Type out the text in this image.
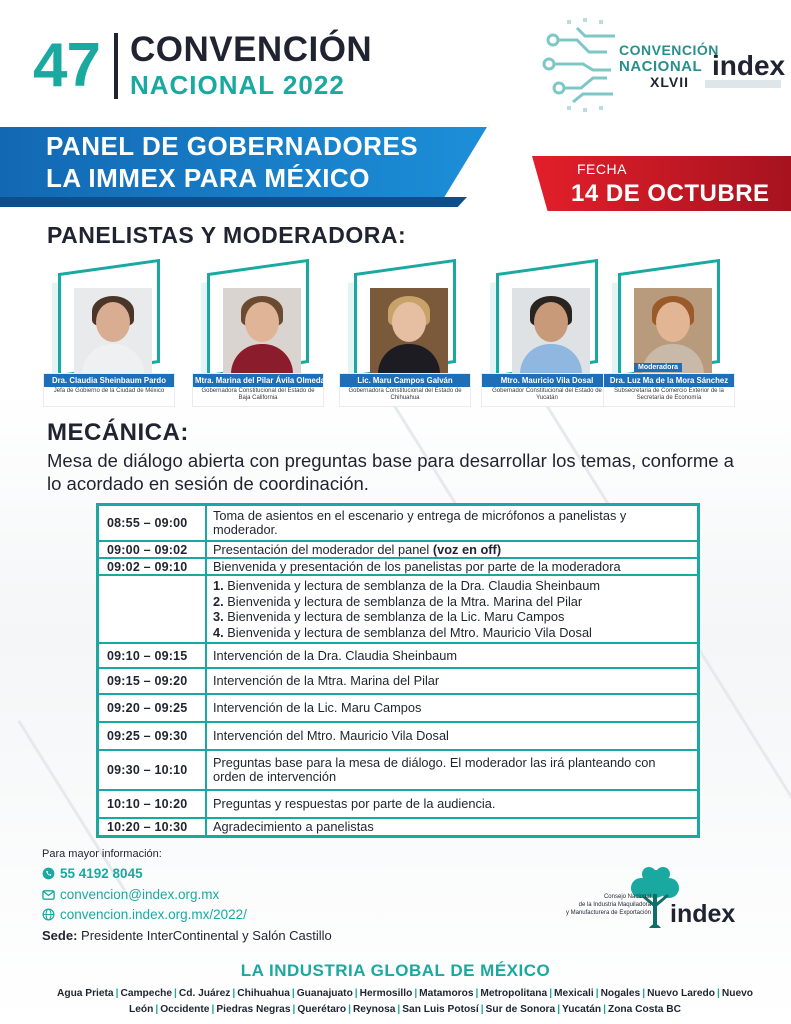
47 CONVENCIÓN
NACIONAL 2022
CONVENCIÓN
NACIONAL
XLVII
index
PANEL DE GOBERNADORES
LA IMMEX PARA MÉXICO	FECHA
14 DE OCTUBRE
PANELISTAS Y MODERADORA:
Dra. Claudia Sheinbaum Pardo
Jefa de Gobierno de la Ciudad de México
Mtra. Marina del Pilar Ávila Olmeda
Gobernadora Constitucional del Estado de Baja California
Lic. Maru Campos Galván
Gobernadora Constitucional del Estado de Chihuahua
Mtro. Mauricio Vila Dosal
Gobernador Constitucional del Estado de Yucatán
Moderadora
Dra. Luz Ma de la Mora Sánchez
Subsecretaria de Comercio Exterior de la Secretaría de Economía
MECÁNICA:
Mesa de diálogo abierta con preguntas base para desarrollar los temas, conforme a lo acordado en sesión de coordinación.
08:55 – 09:00	Toma de asientos en el escenario y entrega de micrófonos a panelistas y moderador.
09:00 – 09:02	Presentación del moderador del panel (voz en off)
09:02 – 09:10	Bienvenida y presentación de los panelistas por parte de la moderadora
1. Bienvenida y lectura de semblanza de la Dra. Claudia Sheinbaum
2. Bienvenida y lectura de semblanza de la Mtra. Marina del Pilar
3. Bienvenida y lectura de semblanza de la Lic. Maru Campos
4. Bienvenida y lectura de semblanza del Mtro. Mauricio Vila Dosal
09:10 – 09:15	Intervención de la Dra. Claudia Sheinbaum
09:15 – 09:20	Intervención de la Mtra. Marina del Pilar
09:20 – 09:25	Intervención de la Lic. Maru Campos
09:25 – 09:30	Intervención del Mtro. Mauricio Vila Dosal
09:30 – 10:10	Preguntas base para la mesa de diálogo. El moderador las irá planteando con orden de intervención
10:10 – 10:20	Preguntas y respuestas por parte de la audiencia.
10:20 – 10:30	Agradecimiento a panelistas
Para mayor información:
55 4192 8045
convencion@index.org.mx
convencion.index.org.mx/2022/
Sede: Presidente InterContinental y Salón Castillo
Consejo Nacional
de la Industria Maquiladora
y Manufacturera de Exportación index
LA INDUSTRIA GLOBAL DE MÉXICO
Agua Prieta | Campeche | Cd. Juárez | Chihuahua | Guanajuato | Hermosillo | Matamoros | Metropolitana | Mexicali | Nogales | Nuevo Laredo | Nuevo León | Occidente | Piedras Negras | Querétaro | Reynosa | San Luis Potosí | Sur de Sonora | Yucatán | Zona Costa BC
